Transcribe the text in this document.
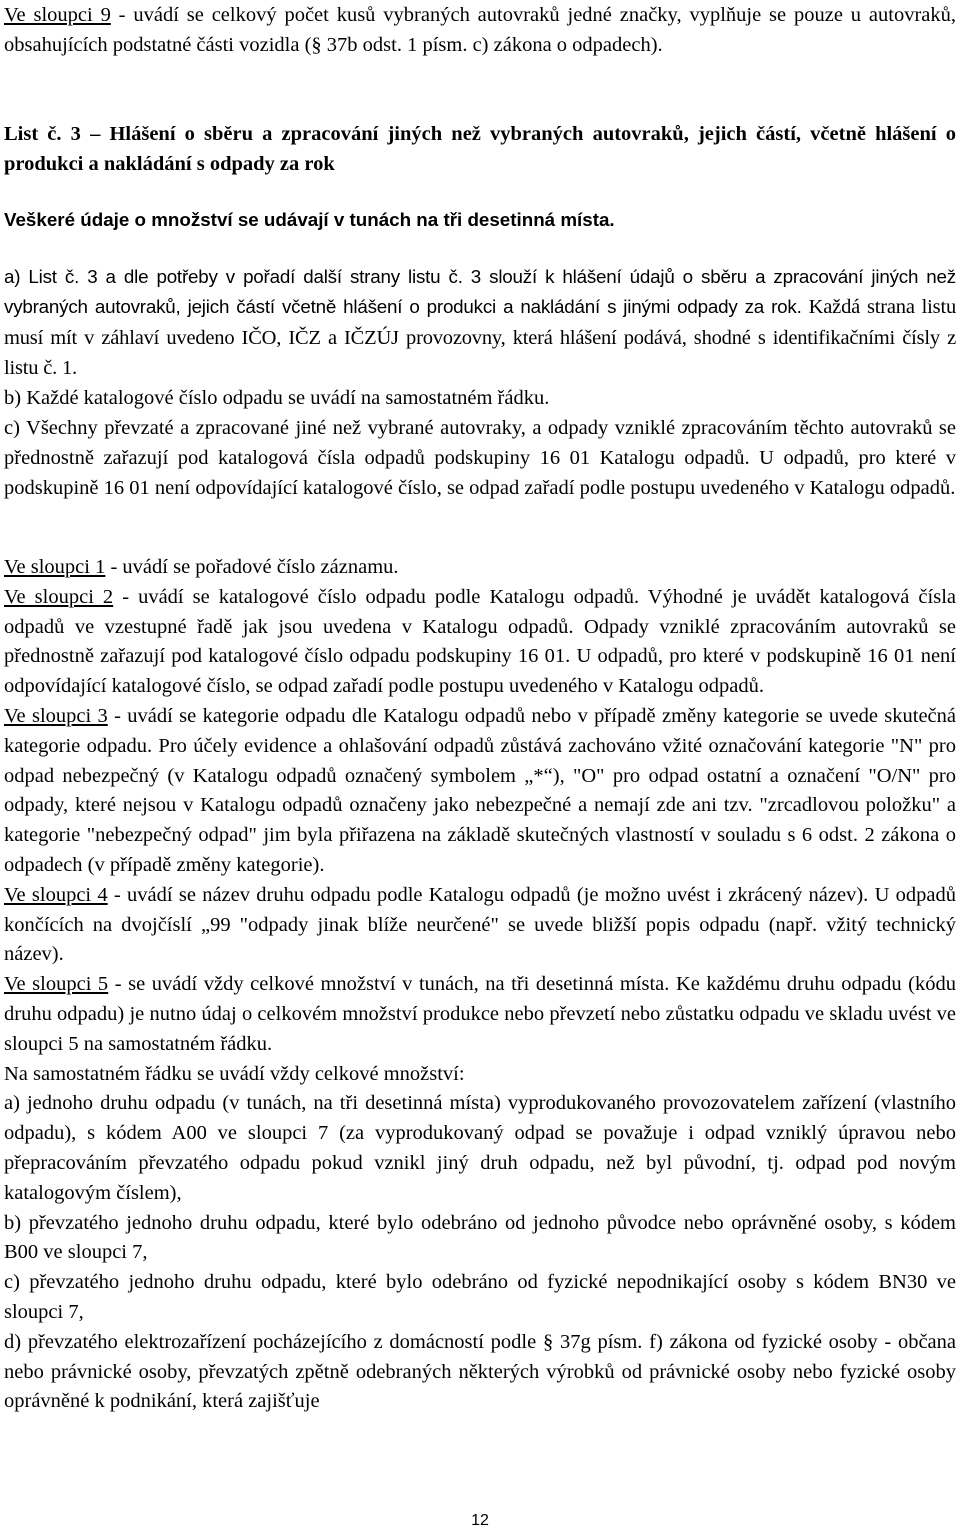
Ve sloupci 9 - uvádí se celkový počet kusů vybraných autovraků jedné značky, vyplňuje se pouze u autovraků, obsahujících podstatné části vozidla (§ 37b odst. 1 písm. c) zákona o odpadech).

List č. 3 – Hlášení o sběru a zpracování jiných než vybraných autovraků, jejich částí, včetně hlášení o produkci a nakládání s odpady za rok

Veškeré údaje o množství se udávají v tunách na tři desetinná místa.

a) List č. 3 a dle potřeby v pořadí další strany listu č. 3 slouží k hlášení údajů o sběru a zpracování jiných než vybraných autovraků, jejich částí včetně hlášení o produkci a nakládání s jinými odpady za rok. Každá strana listu musí mít v záhlaví uvedeno IČO, IČZ a IČZÚJ provozovny, která hlášení podává, shodné s identifikačními čísly z listu č. 1.

b) Každé katalogové číslo odpadu se uvádí na samostatném řádku.

c) Všechny převzaté a zpracované jiné než vybrané autovraky, a odpady vzniklé zpracováním těchto autovraků se přednostně zařazují pod katalogová čísla odpadů podskupiny 16 01 Katalogu odpadů. U odpadů, pro které v podskupině 16 01 není odpovídající katalogové číslo, se odpad zařadí podle postupu uvedeného v Katalogu odpadů.

Ve sloupci 1 - uvádí se pořadové číslo záznamu.

Ve sloupci 2 - uvádí se katalogové číslo odpadu podle Katalogu odpadů. Výhodné je uvádět katalogová čísla odpadů ve vzestupné řadě jak jsou uvedena v Katalogu odpadů. Odpady vzniklé zpracováním autovraků se přednostně zařazují pod katalogové číslo odpadu podskupiny 16 01. U odpadů, pro které v podskupině 16 01 není odpovídající katalogové číslo, se odpad zařadí podle postupu uvedeného v Katalogu odpadů.

Ve sloupci 3 - uvádí se kategorie odpadu dle Katalogu odpadů nebo v případě změny kategorie se uvede skutečná kategorie odpadu. Pro účely evidence a ohlašování odpadů zůstává zachováno vžité označování kategorie "N" pro odpad nebezpečný (v Katalogu odpadů označený symbolem „*“), "O" pro odpad ostatní a označení "O/N" pro odpady, které nejsou v Katalogu odpadů označeny jako nebezpečné a nemají zde ani tzv. "zrcadlovou položku" a kategorie "nebezpečný odpad" jim byla přiřazena na základě skutečných vlastností v souladu s 6 odst. 2 zákona o odpadech (v případě změny kategorie).

Ve sloupci 4 - uvádí se název druhu odpadu podle Katalogu odpadů (je možno uvést i zkrácený název). U odpadů končících na dvojčíslí „99 "odpady jinak blíže neurčené" se uvede bližší popis odpadu (např. vžitý technický název).

Ve sloupci 5 - se uvádí vždy celkové množství v tunách, na tři desetinná místa. Ke každému druhu odpadu (kódu druhu odpadu) je nutno údaj o celkovém množství produkce nebo převzetí nebo zůstatku odpadu ve skladu uvést ve sloupci 5 na samostatném řádku.

Na samostatném řádku se uvádí vždy celkové množství:

a) jednoho druhu odpadu (v tunách, na tři desetinná místa) vyprodukovaného provozovatelem zařízení (vlastního odpadu), s kódem A00 ve sloupci 7 (za vyprodukovaný odpad se považuje i odpad vzniklý úpravou nebo přepracováním převzatého odpadu pokud vznikl jiný druh odpadu, než byl původní, tj. odpad pod novým katalogovým číslem),

b) převzatého jednoho druhu odpadu, které bylo odebráno od jednoho původce nebo oprávněné osoby, s kódem B00 ve sloupci 7,

c) převzatého jednoho druhu odpadu, které bylo odebráno od fyzické nepodnikající osoby s kódem BN30 ve sloupci 7,

d) převzatého elektrozařízení pocházejícího z domácností podle § 37g písm. f) zákona od fyzické osoby - občana nebo právnické osoby, převzatých zpětně odebraných některých výrobků od právnické osoby nebo fyzické osoby oprávněné k podnikání, která zajišťuje

12
